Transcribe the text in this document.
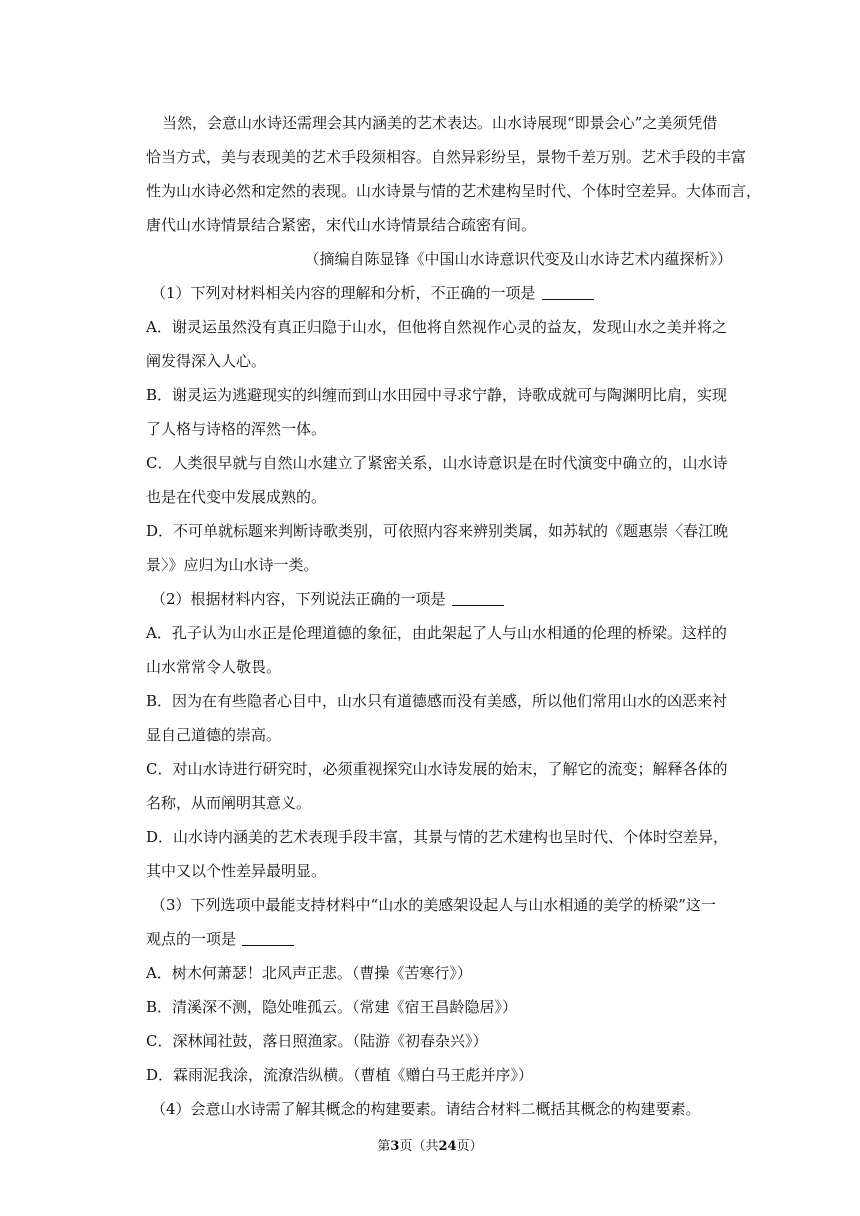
当然，会意山水诗还需理会其内涵美的艺术表达。山水诗展现“即景会心”之美须凭借
恰当方式，美与表现美的艺术手段须相容。自然异彩纷呈，景物千差万别。艺术手段的丰富
性为山水诗必然和定然的表现。山水诗景与情的艺术建构呈时代、个体时空差异。大体而言，
唐代山水诗情景结合紧密，宋代山水诗情景结合疏密有间。
（摘编自陈显锋《中国山水诗意识代变及山水诗艺术内蕴探析》）
（1）下列对材料相关内容的理解和分析，不正确的一项是
A．谢灵运虽然没有真正归隐于山水，但他将自然视作心灵的益友，发现山水之美并将之
阐发得深入人心。
B．谢灵运为逃避现实的纠缠而到山水田园中寻求宁静，诗歌成就可与陶渊明比肩，实现
了人格与诗格的浑然一体。
C．人类很早就与自然山水建立了紧密关系，山水诗意识是在时代演变中确立的，山水诗
也是在代变中发展成熟的。
D．不可单就标题来判断诗歌类别，可依照内容来辨别类属，如苏轼的《题惠崇〈春江晚
景〉》应归为山水诗一类。
（2）根据材料内容，下列说法正确的一项是
A．孔子认为山水正是伦理道德的象征，由此架起了人与山水相通的伦理的桥梁。这样的
山水常常令人敬畏。
B．因为在有些隐者心目中，山水只有道德感而没有美感，所以他们常用山水的凶恶来衬
显自己道德的崇高。
C．对山水诗进行研究时，必须重视探究山水诗发展的始末，了解它的流变；解释各体的
名称，从而阐明其意义。
D．山水诗内涵美的艺术表现手段丰富，其景与情的艺术建构也呈时代、个体时空差异，
其中又以个性差异最明显。
（3）下列选项中最能支持材料中“山水的美感架设起人与山水相通的美学的桥梁”这一
观点的一项是
A．树木何萧瑟！北风声正悲。（曹操《苦寒行》）
B．清溪深不测，隐处唯孤云。（常建《宿王昌龄隐居》）
C．深林闻社鼓，落日照渔家。（陆游《初春杂兴》）
D．霖雨泥我涂，流潦浩纵横。（曹植《赠白马王彪并序》）
（4）会意山水诗需了解其概念的构建要素。请结合材料二概括其概念的构建要素。
第3页（共24页）
